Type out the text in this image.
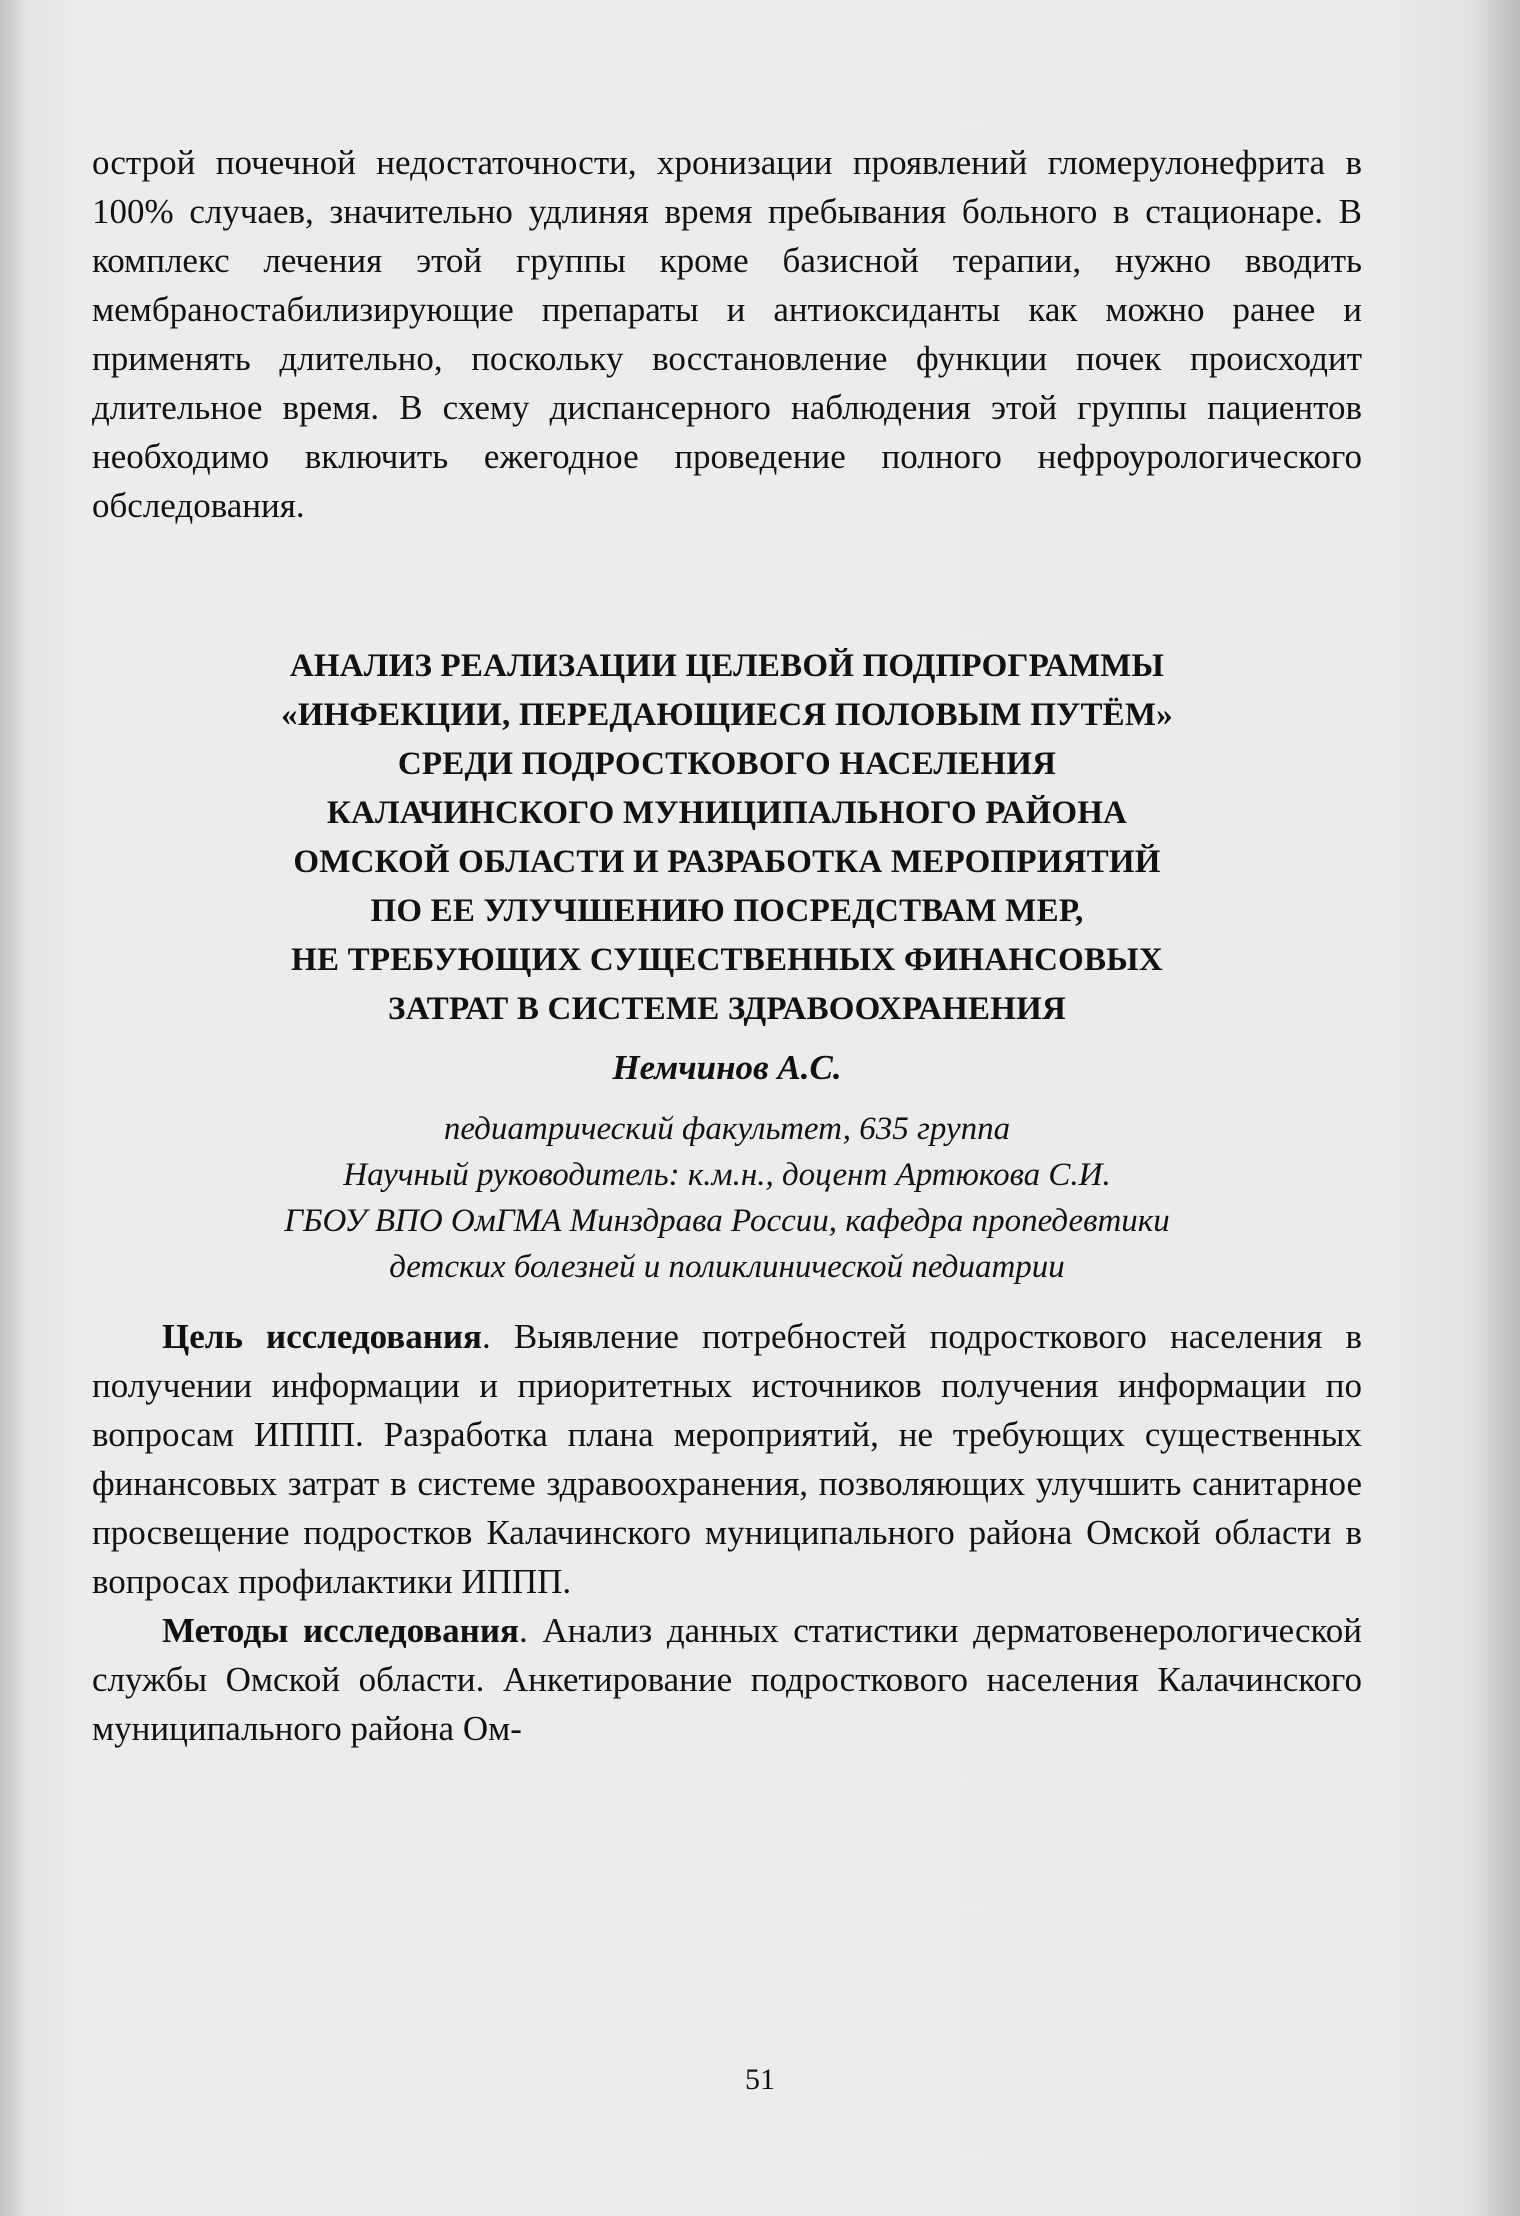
острой почечной недостаточности, хронизации проявлений гломерулонефрита в 100% случаев, значительно удлиняя время пребывания больного в стационаре. В комплекс лечения этой группы кроме базисной терапии, нужно вводить мембраностабилизирующие препараты и антиоксиданты как можно ранее и применять длительно, поскольку восстановление функции почек происходит длительное время. В схему диспансерного наблюдения этой группы пациентов необходимо включить ежегодное проведение полного нефроурологического обследования.

АНАЛИЗ РЕАЛИЗАЦИИ ЦЕЛЕВОЙ ПОДПРОГРАММЫ
«ИНФЕКЦИИ, ПЕРЕДАЮЩИЕСЯ ПОЛОВЫМ ПУТЁМ»
СРЕДИ ПОДРОСТКОВОГО НАСЕЛЕНИЯ
КАЛАЧИНСКОГО МУНИЦИПАЛЬНОГО РАЙОНА
ОМСКОЙ ОБЛАСТИ И РАЗРАБОТКА МЕРОПРИЯТИЙ
ПО ЕЕ УЛУЧШЕНИЮ ПОСРЕДСТВАМ МЕР,
НЕ ТРЕБУЮЩИХ СУЩЕСТВЕННЫХ ФИНАНСОВЫХ
ЗАТРАТ В СИСТЕМЕ ЗДРАВООХРАНЕНИЯ

Немчинов А.С.

педиатрический факультет, 635 группа
Научный руководитель: к.м.н., доцент Артюкова С.И.
ГБОУ ВПО ОмГМА Минздрава России, кафедра пропедевтики
детских болезней и поликлинической педиатрии

Цель исследования. Выявление потребностей подросткового населения в получении информации и приоритетных источников получения информации по вопросам ИППП. Разработка плана мероприятий, не требующих существенных финансовых затрат в системе здравоохранения, позволяющих улучшить санитарное просвещение подростков Калачинского муниципального района Омской области в вопросах профилактики ИППП.

Методы исследования. Анализ данных статистики дерматовенерологической службы Омской области. Анкетирование подросткового населения Калачинского муниципального района Ом-

51
